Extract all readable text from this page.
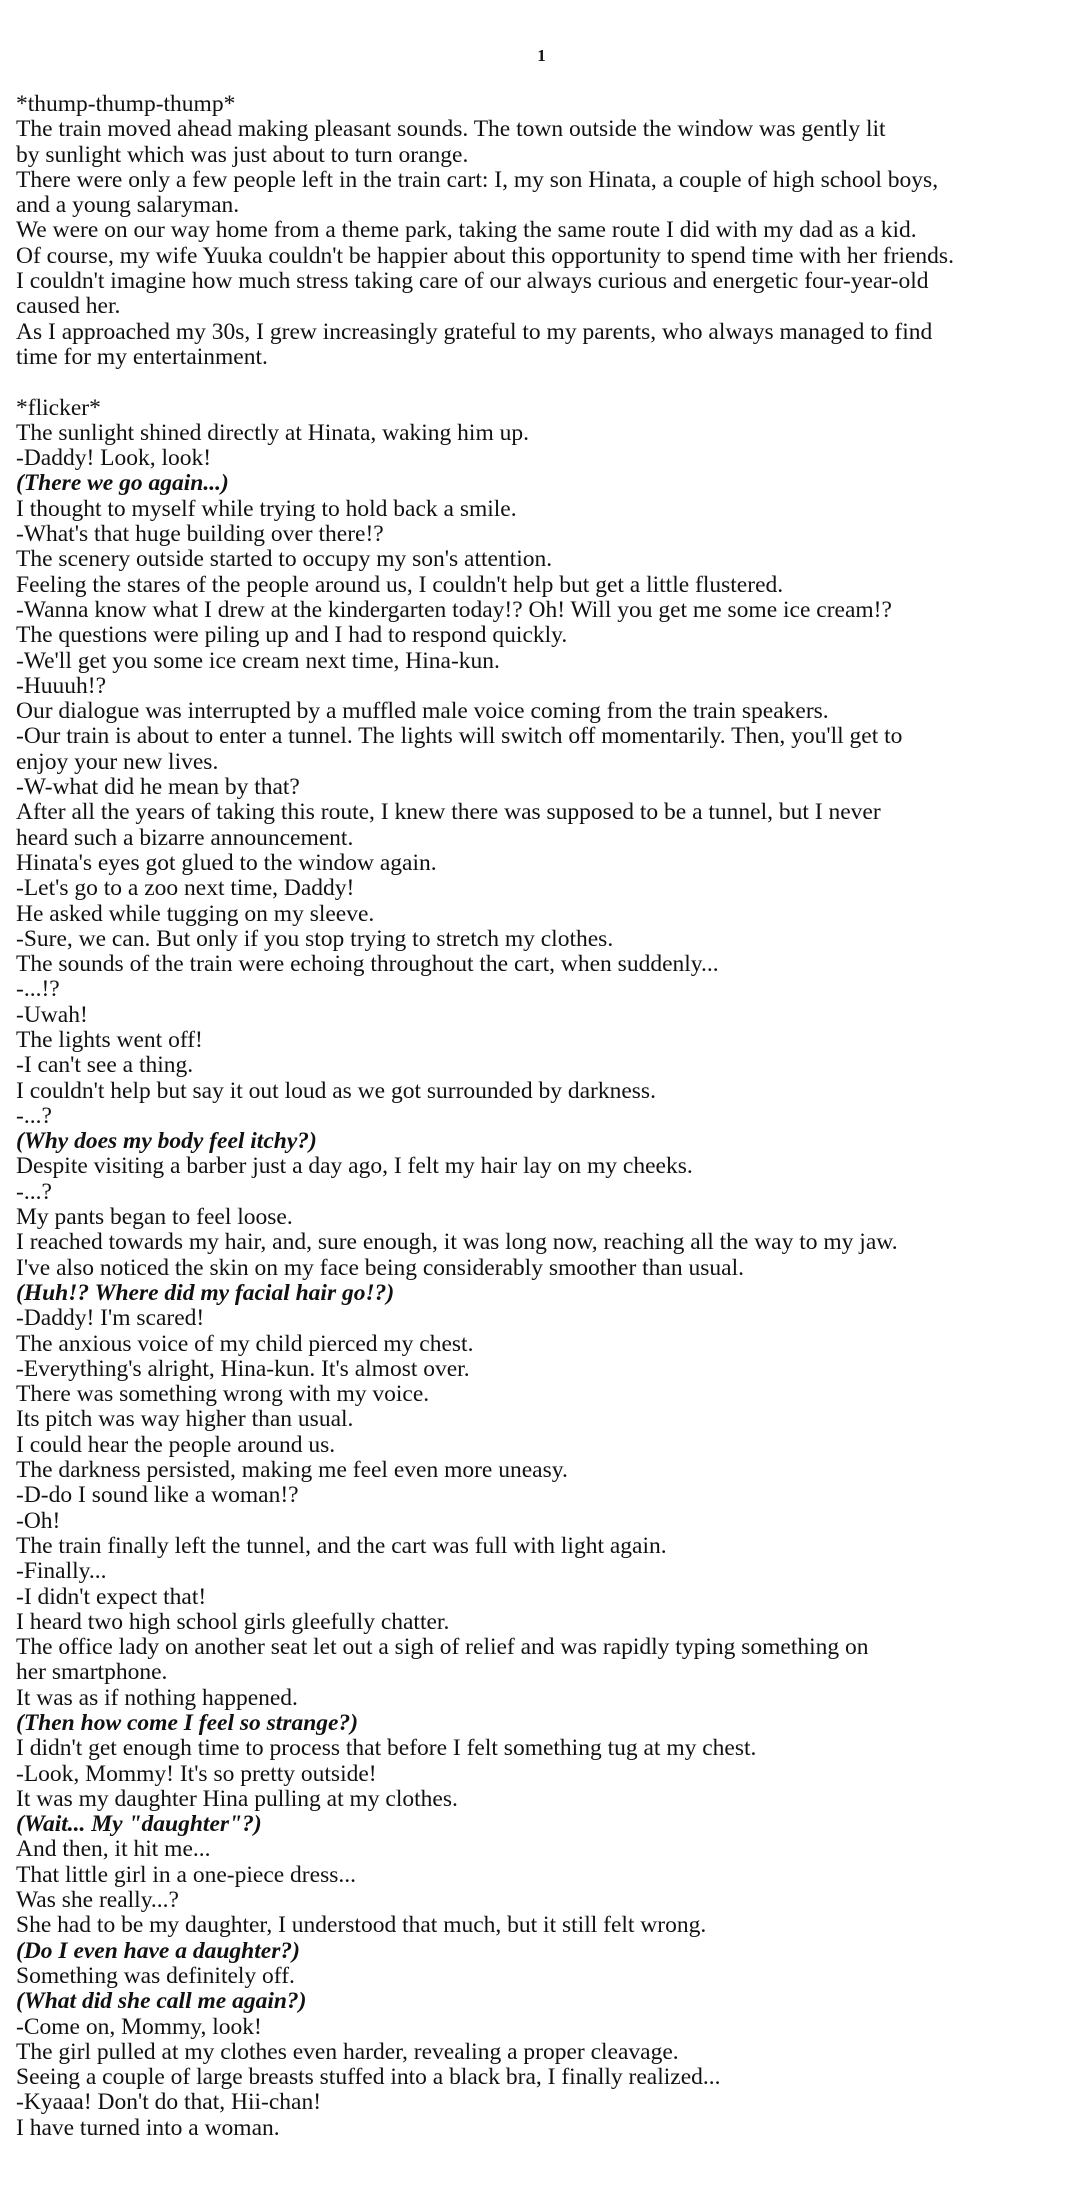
1
*thump-thump-thump*
The train moved ahead making pleasant sounds. The town outside the window was gently lit
by sunlight which was just about to turn orange.
There were only a few people left in the train cart: I, my son Hinata, a couple of high school boys,
and a young salaryman.
We were on our way home from a theme park, taking the same route I did with my dad as a kid.
Of course, my wife Yuuka couldn't be happier about this opportunity to spend time with her friends.
I couldn't imagine how much stress taking care of our always curious and energetic four-year-old
caused her.
As I approached my 30s, I grew increasingly grateful to my parents, who always managed to find
time for my entertainment.
*flicker*
The sunlight shined directly at Hinata, waking him up.
-Daddy! Look, look!
(There we go again...)
I thought to myself while trying to hold back a smile.
-What's that huge building over there!?
The scenery outside started to occupy my son's attention.
Feeling the stares of the people around us, I couldn't help but get a little flustered.
-Wanna know what I drew at the kindergarten today!? Oh! Will you get me some ice cream!?
The questions were piling up and I had to respond quickly.
-We'll get you some ice cream next time, Hina-kun.
-Huuuh!?
Our dialogue was interrupted by a muffled male voice coming from the train speakers.
-Our train is about to enter a tunnel. The lights will switch off momentarily. Then, you'll get to
enjoy your new lives.
-W-what did he mean by that?
After all the years of taking this route, I knew there was supposed to be a tunnel, but I never
heard such a bizarre announcement.
Hinata's eyes got glued to the window again.
-Let's go to a zoo next time, Daddy!
He asked while tugging on my sleeve.
-Sure, we can. But only if you stop trying to stretch my clothes.
The sounds of the train were echoing throughout the cart, when suddenly...
-...!?
-Uwah!
The lights went off!
-I can't see a thing.
I couldn't help but say it out loud as we got surrounded by darkness.
-...?
(Why does my body feel itchy?)
Despite visiting a barber just a day ago, I felt my hair lay on my cheeks.
-...?
My pants began to feel loose.
I reached towards my hair, and, sure enough, it was long now, reaching all the way to my jaw.
I've also noticed the skin on my face being considerably smoother than usual.
(Huh!? Where did my facial hair go!?)
-Daddy! I'm scared!
The anxious voice of my child pierced my chest.
-Everything's alright, Hina-kun. It's almost over.
There was something wrong with my voice.
Its pitch was way higher than usual.
I could hear the people around us.
The darkness persisted, making me feel even more uneasy.
-D-do I sound like a woman!?
-Oh!
The train finally left the tunnel, and the cart was full with light again.
-Finally...
-I didn't expect that!
I heard two high school girls gleefully chatter.
The office lady on another seat let out a sigh of relief and was rapidly typing something on
her smartphone.
It was as if nothing happened.
(Then how come I feel so strange?)
I didn't get enough time to process that before I felt something tug at my chest.
-Look, Mommy! It's so pretty outside!
It was my daughter Hina pulling at my clothes.
(Wait... My "daughter"?)
And then, it hit me...
That little girl in a one-piece dress...
Was she really...?
She had to be my daughter, I understood that much, but it still felt wrong.
(Do I even have a daughter?)
Something was definitely off.
(What did she call me again?)
-Come on, Mommy, look!
The girl pulled at my clothes even harder, revealing a proper cleavage.
Seeing a couple of large breasts stuffed into a black bra, I finally realized...
-Kyaaa! Don't do that, Hii-chan!
I have turned into a woman.
